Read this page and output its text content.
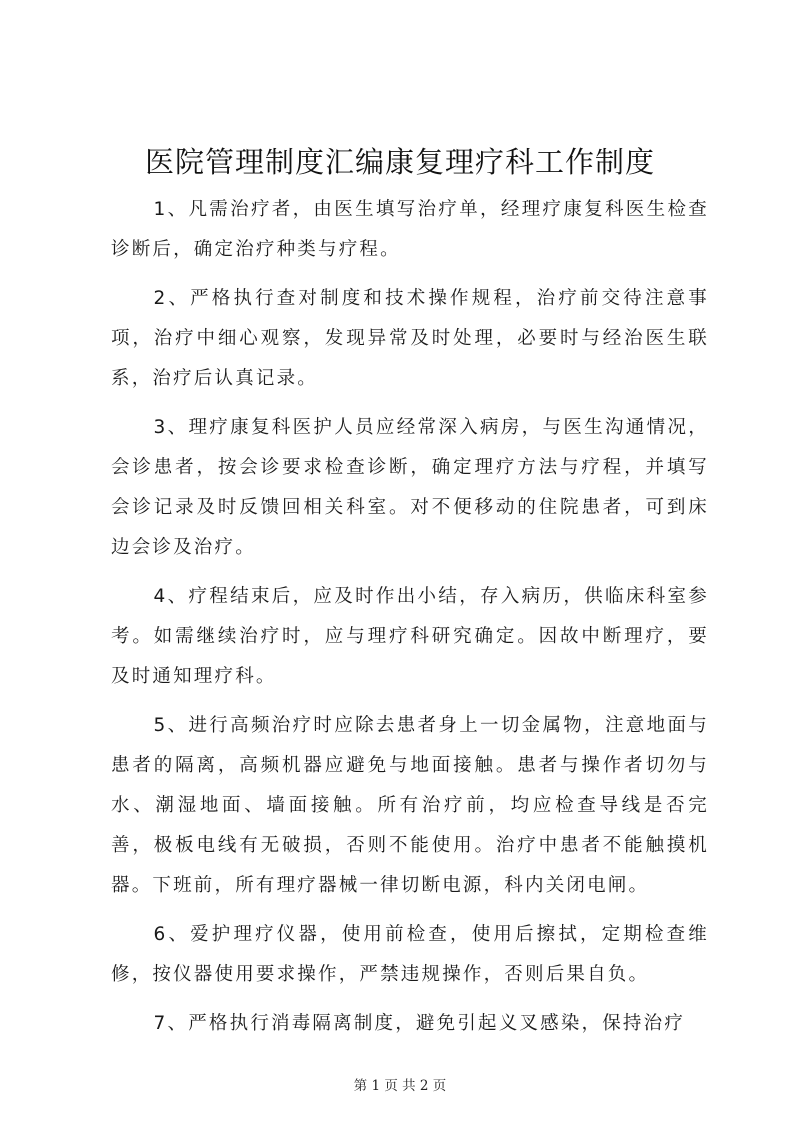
医院管理制度汇编康复理疗科工作制度

1、凡需治疗者，由医生填写治疗单，经理疗康复科医生检查诊断后，确定治疗种类与疗程。

2、严格执行查对制度和技术操作规程，治疗前交待注意事项，治疗中细心观察，发现异常及时处理，必要时与经治医生联系，治疗后认真记录。

3、理疗康复科医护人员应经常深入病房，与医生沟通情况，会诊患者，按会诊要求检查诊断，确定理疗方法与疗程，并填写会诊记录及时反馈回相关科室。对不便移动的住院患者，可到床边会诊及治疗。

4、疗程结束后，应及时作出小结，存入病历，供临床科室参考。如需继续治疗时，应与理疗科研究确定。因故中断理疗，要及时通知理疗科。

5、进行高频治疗时应除去患者身上一切金属物，注意地面与患者的隔离，高频机器应避免与地面接触。患者与操作者切勿与水、潮湿地面、墙面接触。所有治疗前，均应检查导线是否完善，极板电线有无破损，否则不能使用。治疗中患者不能触摸机器。下班前，所有理疗器械一律切断电源，科内关闭电闸。

6、爱护理疗仪器，使用前检查，使用后擦拭，定期检查维修，按仪器使用要求操作，严禁违规操作，否则后果自负。

7、严格执行消毒隔离制度，避免引起义叉感染，保持治疗

第 1 页 共 2 页
